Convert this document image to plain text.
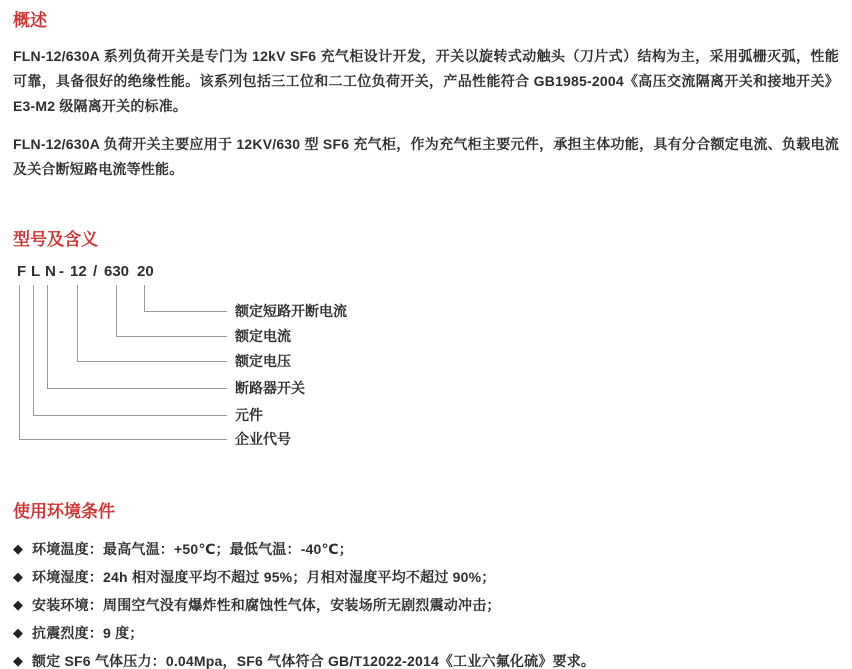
概述

FLN-12/630A 系列负荷开关是专门为 12kV SF6 充气柜设计开发，开关以旋转式动触头（刀片式）结构为主，采用弧栅灭弧，性能可靠，具备很好的绝缘性能。该系列包括三工位和二工位负荷开关，产品性能符合 GB1985-2004《高压交流隔离开关和接地开关》E3-M2 级隔离开关的标准。

FLN-12/630A 负荷开关主要应用于 12KV/630 型 SF6 充气柜，作为充气柜主要元件，承担主体功能，具有分合额定电流、负载电流及关合断短路电流等性能。

型号及含义
F L N - 12 / 630 20
额定短路开断电流
额定电流
额定电压
断路器开关
元件
企业代号
使用环境条件
◆ 环境温度：最高气温：+50℃；最低气温：-40℃；
◆ 环境湿度：24h 相对湿度平均不超过 95%；月相对湿度平均不超过 90%；
◆ 安装环境：周围空气没有爆炸性和腐蚀性气体，安装场所无剧烈震动冲击；
◆ 抗震烈度：9 度；
◆ 额定 SF6 气体压力：0.04Mpa，SF6 气体符合 GB/T12022-2014《工业六氟化硫》要求。
